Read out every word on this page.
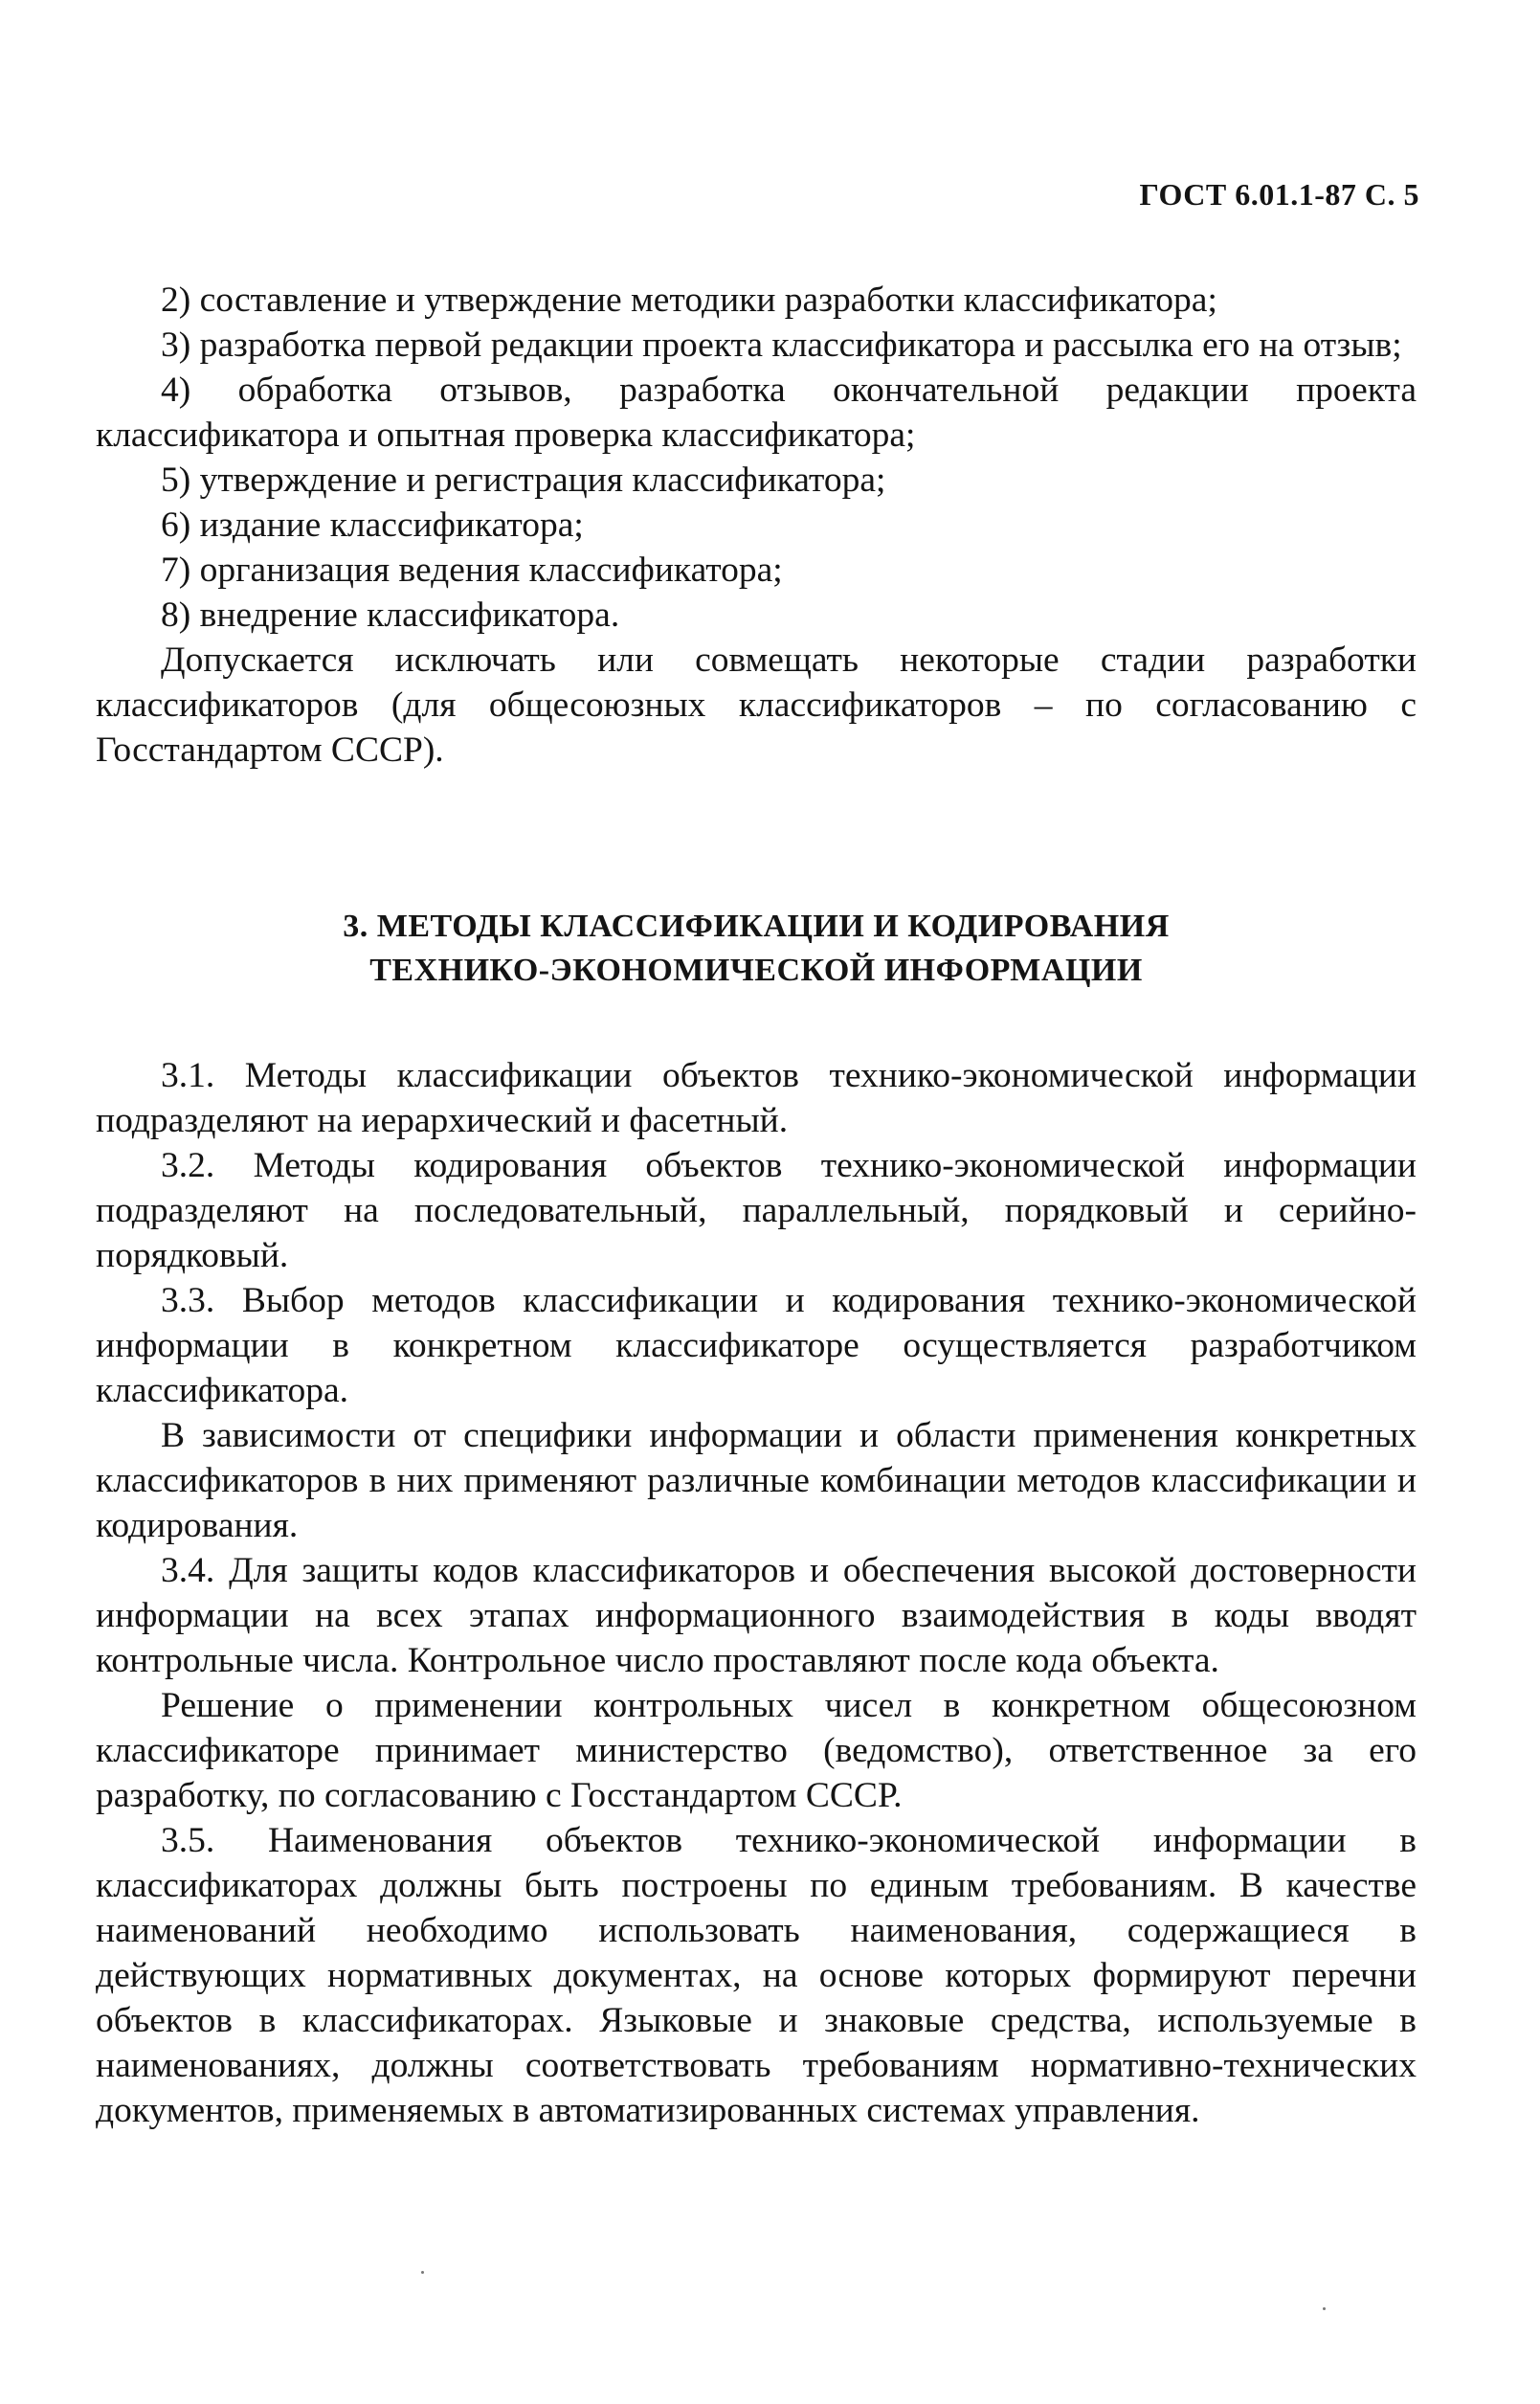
ГОСТ 6.01.1-87 С. 5

2) составление и утверждение методики разработки классификатора;

3) разработка первой редакции проекта классификатора и рассылка его на отзыв;

4) обработка отзывов, разработка окончательной редакции проекта классификатора и опытная проверка классификатора;

5) утверждение и регистрация классификатора;

6) издание классификатора;

7) организация ведения классификатора;

8) внедрение классификатора.

Допускается исключать или совмещать некоторые стадии разработки классификаторов (для общесоюзных классификаторов – по согласованию с Госстандартом СССР).

3. МЕТОДЫ КЛАССИФИКАЦИИ И КОДИРОВАНИЯ
ТЕХНИКО-ЭКОНОМИЧЕСКОЙ ИНФОРМАЦИИ

3.1. Методы классификации объектов технико-экономической информации подразделяют на иерархический и фасетный.

3.2. Методы кодирования объектов технико-экономической информации подразделяют на последовательный, параллельный, порядковый и серийно-порядковый.

3.3. Выбор методов классификации и кодирования технико-экономической информации в конкретном классификаторе осуществляется разработчиком классификатора.

В зависимости от специфики информации и области применения конкретных классификаторов в них применяют различные комбинации методов классификации и кодирования.

3.4. Для защиты кодов классификаторов и обеспечения высокой достоверности информации на всех этапах информационного взаимодействия в коды вводят контрольные числа. Контрольное число проставляют после кода объекта.

Решение о применении контрольных чисел в конкретном общесоюзном классификаторе принимает министерство (ведомство), ответственное за его разработку, по согласованию с Госстандартом СССР.

3.5. Наименования объектов технико-экономической информации в классификаторах должны быть построены по единым требованиям. В качестве наименований необходимо использовать наименования, содержащиеся в действующих нормативных документах, на основе которых формируют перечни объектов в классификаторах. Языковые и знаковые средства, используемые в наименованиях, должны соответствовать требованиям нормативно-технических документов, применяемых в автоматизированных системах управления.
